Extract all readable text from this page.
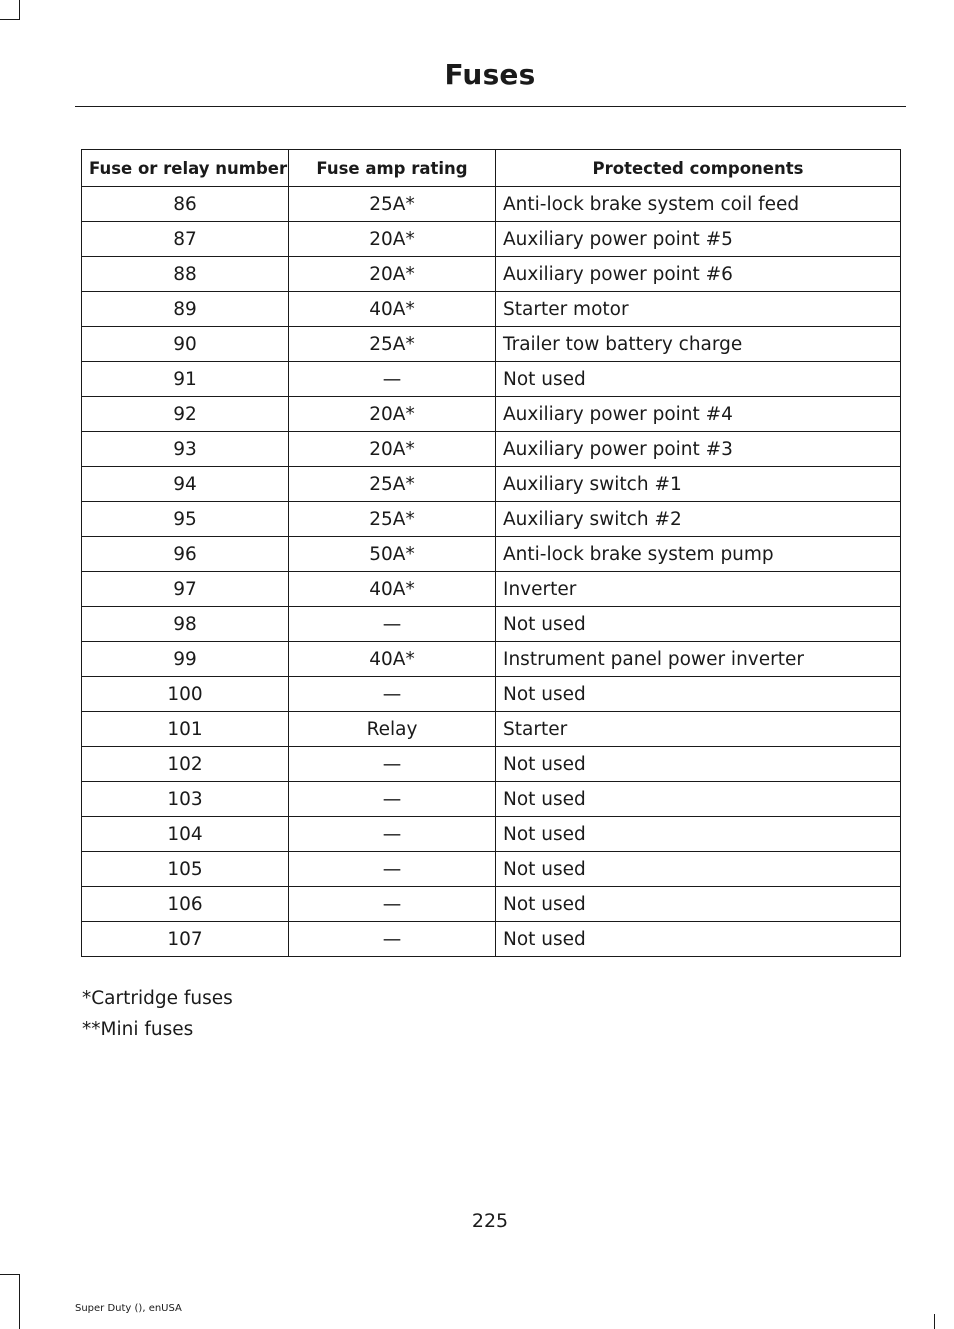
Fuses
Fuse or relay number	Fuse amp rating	Protected components
86	25A*	Anti-lock brake system coil feed
87	20A*	Auxiliary power point #5
88	20A*	Auxiliary power point #6
89	40A*	Starter motor
90	25A*	Trailer tow battery charge
91	—	Not used
92	20A*	Auxiliary power point #4
93	20A*	Auxiliary power point #3
94	25A*	Auxiliary switch #1
95	25A*	Auxiliary switch #2
96	50A*	Anti-lock brake system pump
97	40A*	Inverter
98	—	Not used
99	40A*	Instrument panel power inverter
100	—	Not used
101	Relay	Starter
102	—	Not used
103	—	Not used
104	—	Not used
105	—	Not used
106	—	Not used
107	—	Not used
*Cartridge fuses
**Mini fuses
225
Super Duty (), enUSA
